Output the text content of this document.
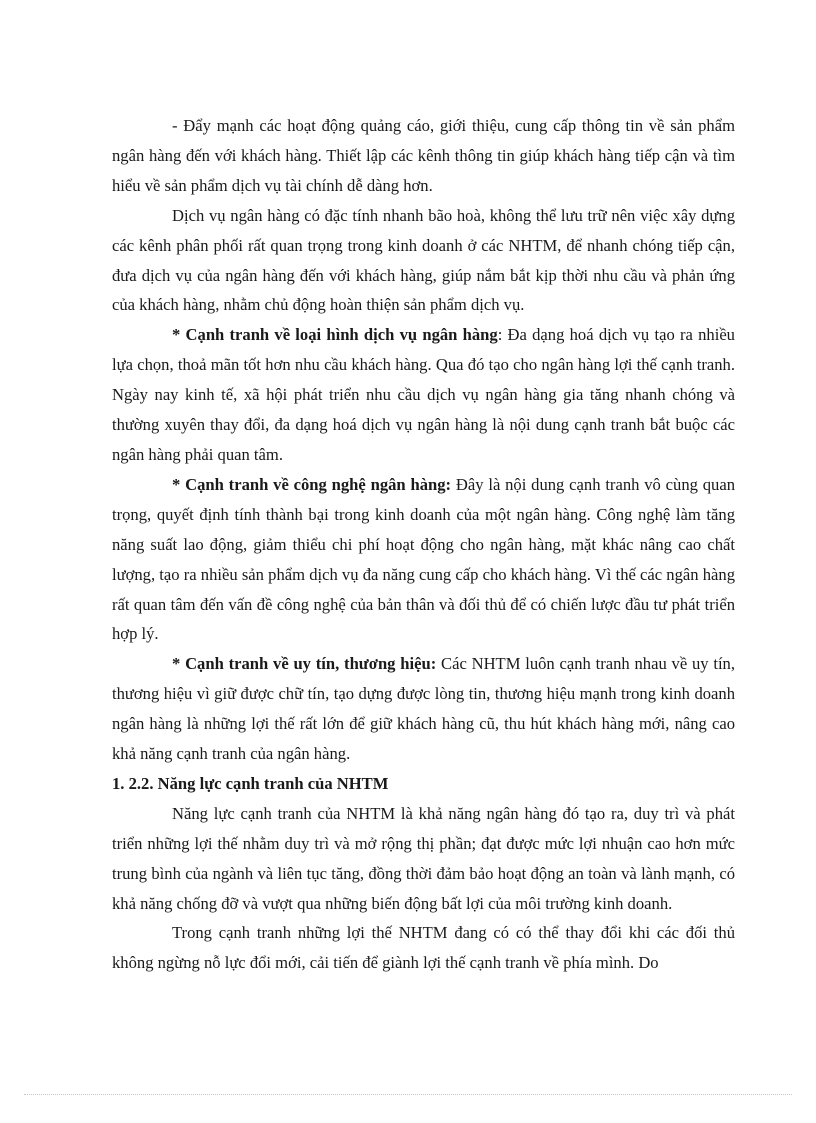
- Đẩy mạnh các hoạt động quảng cáo, giới thiệu, cung cấp thông tin về sản phẩm ngân hàng đến với khách hàng. Thiết lập các kênh thông tin giúp khách hàng tiếp cận và tìm hiểu về sản phẩm dịch vụ tài chính dễ dàng hơn.

Dịch vụ ngân hàng có đặc tính nhanh bão hoà, không thể lưu trữ nên việc xây dựng các kênh phân phối rất quan trọng trong kinh doanh ở các NHTM, để nhanh chóng tiếp cận, đưa dịch vụ của ngân hàng đến với khách hàng, giúp nắm bắt kịp thời nhu cầu và phản ứng của khách hàng, nhằm chủ động hoàn thiện sản phẩm dịch vụ.

* Cạnh tranh về loại hình dịch vụ ngân hàng: Đa dạng hoá dịch vụ tạo ra nhiều lựa chọn, thoả mãn tốt hơn nhu cầu khách hàng. Qua đó tạo cho ngân hàng lợi thế cạnh tranh. Ngày nay kinh tế, xã hội phát triển nhu cầu dịch vụ ngân hàng gia tăng nhanh chóng và thường xuyên thay đổi, đa dạng hoá dịch vụ ngân hàng là nội dung cạnh tranh bắt buộc các ngân hàng phải quan tâm.

* Cạnh tranh về công nghệ ngân hàng: Đây là nội dung cạnh tranh vô cùng quan trọng, quyết định tính thành bại trong kinh doanh của một ngân hàng. Công nghệ làm tăng năng suất lao động, giảm thiểu chi phí hoạt động cho ngân hàng, mặt khác nâng cao chất lượng, tạo ra nhiều sản phẩm dịch vụ đa năng cung cấp cho khách hàng. Vì thế các ngân hàng rất quan tâm đến vấn đề công nghệ của bản thân và đối thủ để có chiến lược đầu tư phát triển hợp lý.

* Cạnh tranh về uy tín, thương hiệu: Các NHTM luôn cạnh tranh nhau về uy tín, thương hiệu vì giữ được chữ tín, tạo dựng được lòng tin, thương hiệu mạnh trong kinh doanh ngân hàng là những lợi thế rất lớn để giữ khách hàng cũ, thu hút khách hàng mới, nâng cao khả năng cạnh tranh của ngân hàng.

1. 2.2. Năng lực cạnh tranh của NHTM

Năng lực cạnh tranh của NHTM là khả năng ngân hàng đó tạo ra, duy trì và phát triển những lợi thế nhằm duy trì và mở rộng thị phần; đạt được mức lợi nhuận cao hơn mức trung bình của ngành và liên tục tăng, đồng thời đảm bảo hoạt động an toàn và lành mạnh, có khả năng chống đỡ và vượt qua những biến động bất lợi của môi trường kinh doanh.

Trong cạnh tranh những lợi thế NHTM đang có có thể thay đổi khi các đối thủ không ngừng nỗ lực đổi mới, cải tiến để giành lợi thế cạnh tranh về phía mình. Do
